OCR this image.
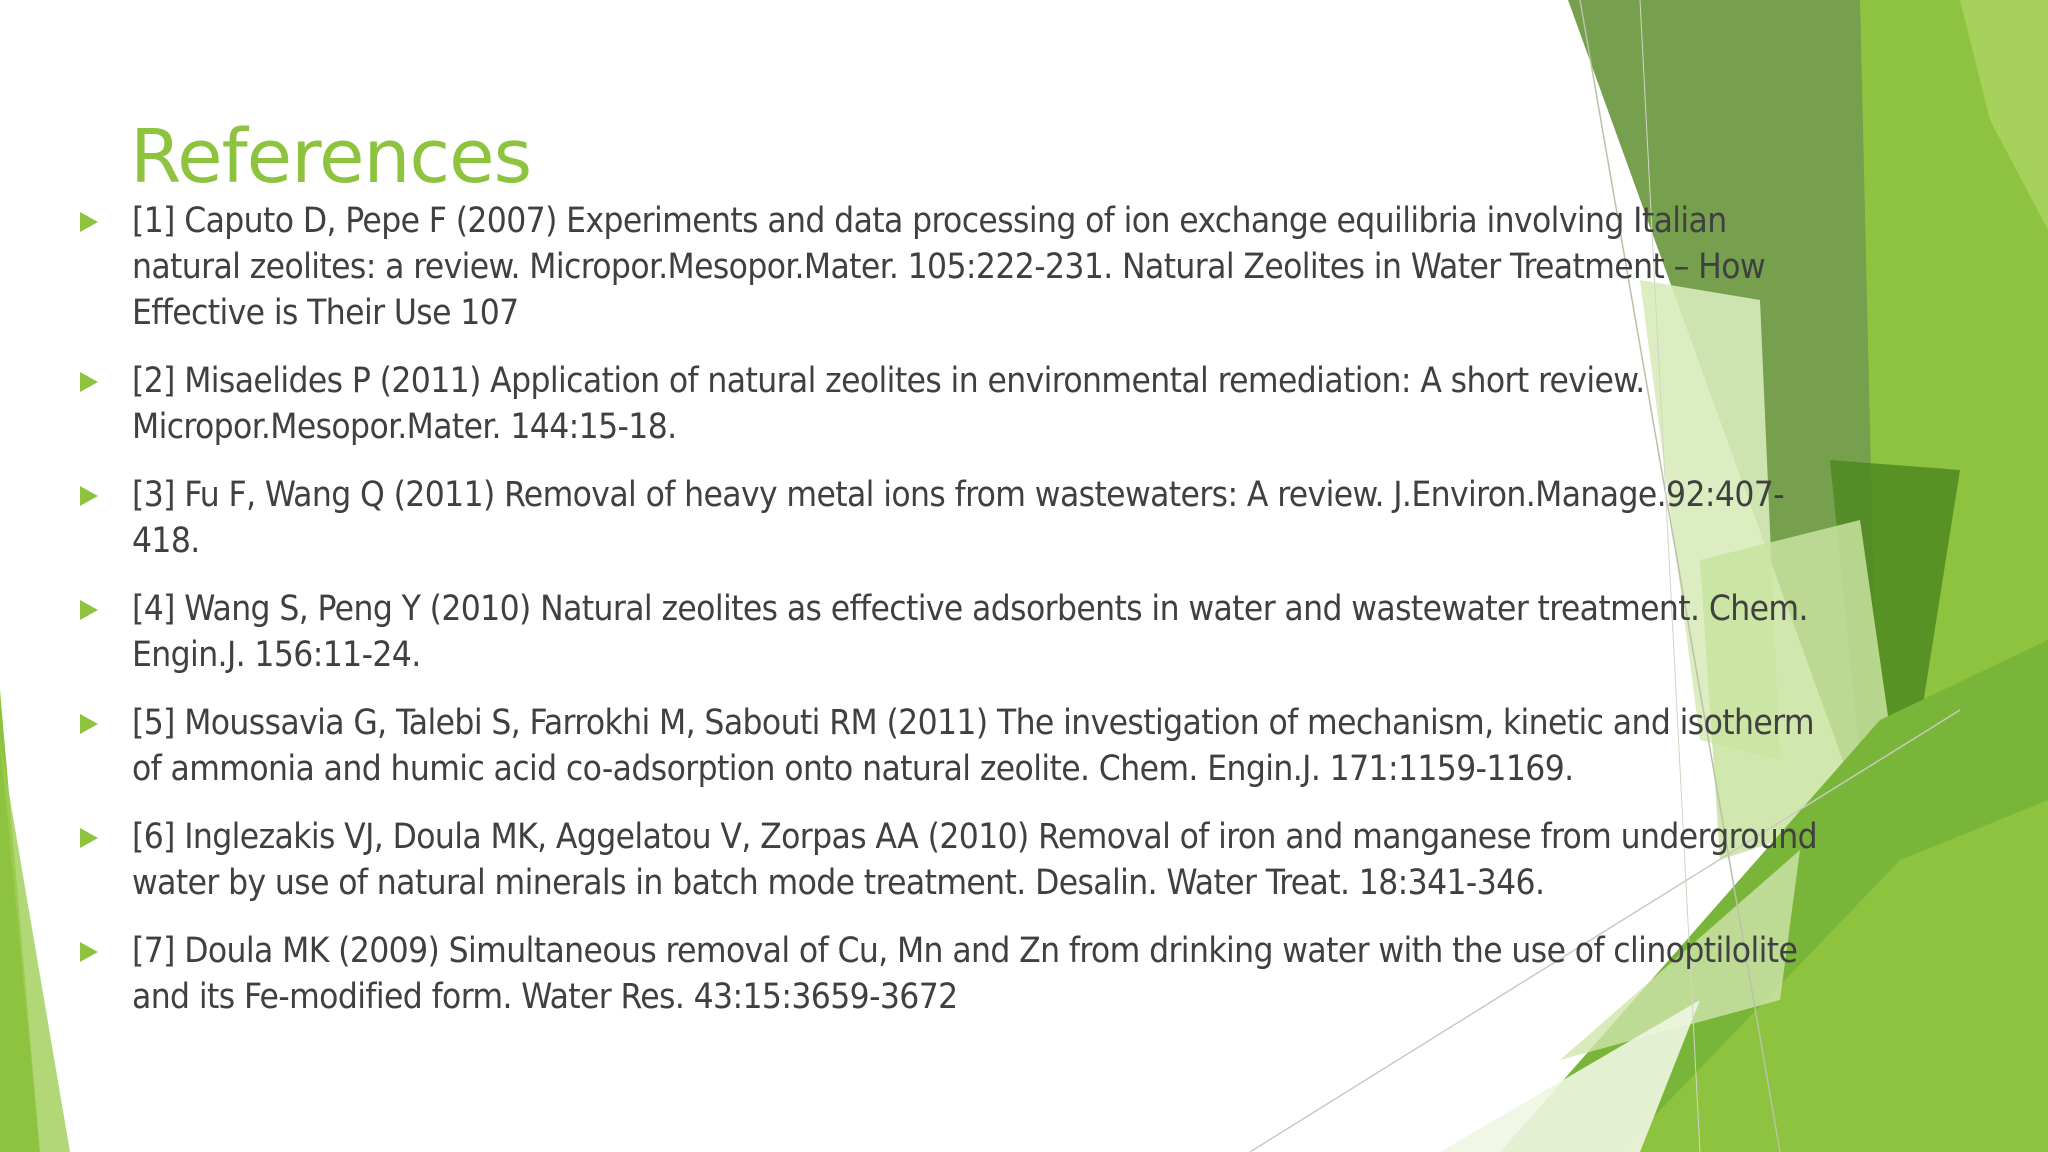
References
[1] Caputo D, Pepe F (2007) Experiments and data processing of ion exchange equilibria involving Italian natural zeolites: a review. Micropor.Mesopor.Mater. 105:222-231. Natural Zeolites in Water Treatment – How Effective is Their Use 107
[2] Misaelides P (2011) Application of natural zeolites in environmental remediation: A short review. Micropor.Mesopor.Mater. 144:15-18.
[3] Fu F, Wang Q (2011) Removal of heavy metal ions from wastewaters: A review. J.Environ.Manage.92:407-418.
[4] Wang S, Peng Y (2010) Natural zeolites as effective adsorbents in water and wastewater treatment. Chem. Engin.J. 156:11-24.
[5] Moussavia G, Talebi S, Farrokhi M, Sabouti RM (2011) The investigation of mechanism, kinetic and isotherm of ammonia and humic acid co-adsorption onto natural zeolite. Chem. Engin.J. 171:1159-1169.
[6] Inglezakis VJ, Doula MK, Aggelatou V, Zorpas AA (2010) Removal of iron and manganese from underground water by use of natural minerals in batch mode treatment. Desalin. Water Treat. 18:341-346.
[7] Doula MK (2009) Simultaneous removal of Cu, Mn and Zn from drinking water with the use of clinoptilolite and its Fe-modified form. Water Res. 43:15:3659-3672
